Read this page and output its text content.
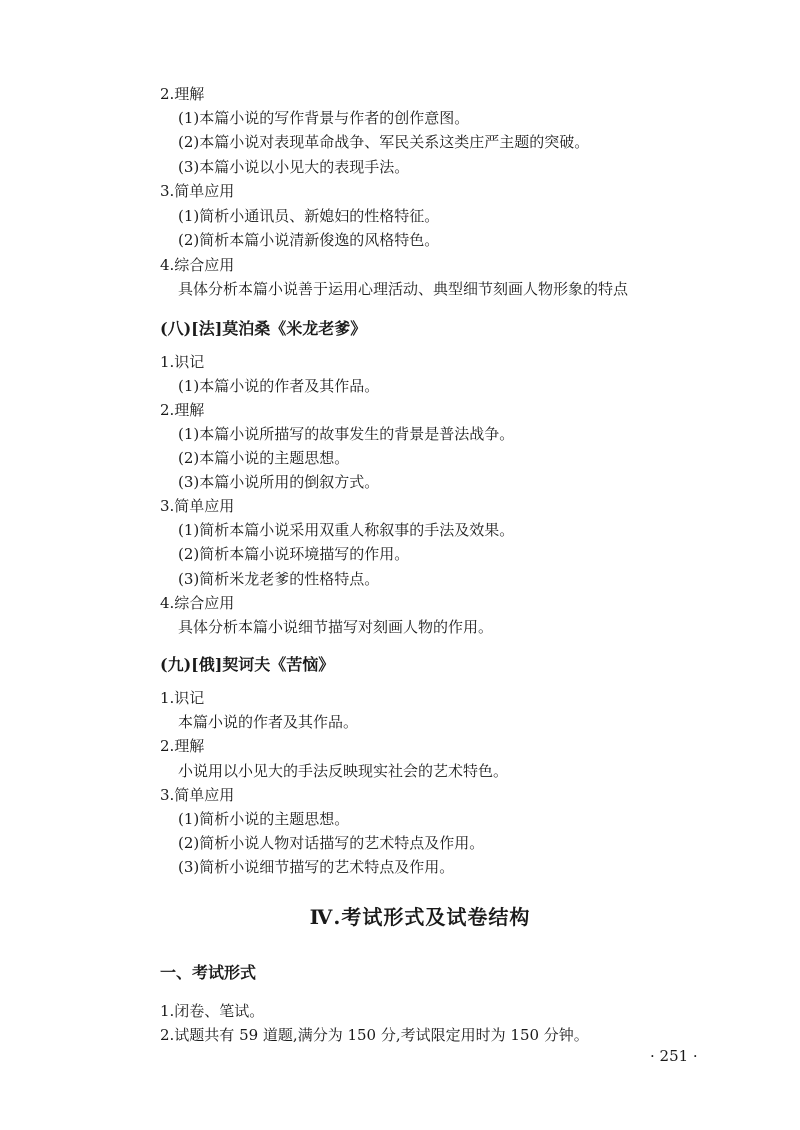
2.理解
(1)本篇小说的写作背景与作者的创作意图。
(2)本篇小说对表现革命战争、军民关系这类庄严主题的突破。
(3)本篇小说以小见大的表现手法。
3.简单应用
(1)简析小通讯员、新媳妇的性格特征。
(2)简析本篇小说清新俊逸的风格特色。
4.综合应用
具体分析本篇小说善于运用心理活动、典型细节刻画人物形象的特点
(八)[法]莫泊桑《米龙老爹》
1.识记
(1)本篇小说的作者及其作品。
2.理解
(1)本篇小说所描写的故事发生的背景是普法战争。
(2)本篇小说的主题思想。
(3)本篇小说所用的倒叙方式。
3.简单应用
(1)简析本篇小说采用双重人称叙事的手法及效果。
(2)简析本篇小说环境描写的作用。
(3)简析米龙老爹的性格特点。
4.综合应用
具体分析本篇小说细节描写对刻画人物的作用。
(九)[俄]契诃夫《苦恼》
1.识记
本篇小说的作者及其作品。
2.理解
小说用以小见大的手法反映现实社会的艺术特色。
3.简单应用
(1)简析小说的主题思想。
(2)简析小说人物对话描写的艺术特点及作用。
(3)简析小说细节描写的艺术特点及作用。
Ⅳ.考试形式及试卷结构
一、考试形式
1.闭卷、笔试。
2.试题共有 59 道题,满分为 150 分,考试限定用时为 150 分钟。
· 251 ·
